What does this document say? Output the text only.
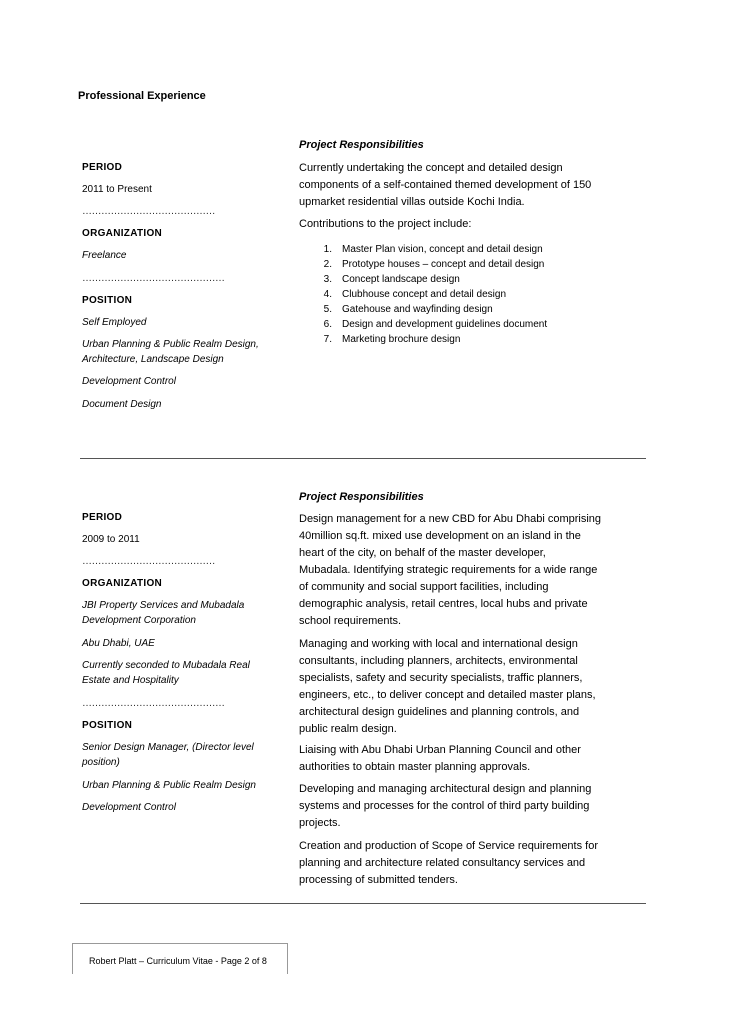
Professional Experience
PERIOD
2011 to Present
……………………………………
ORGANIZATION
Freelance
………………………………………
POSITION
Self Employed
Urban Planning & Public Realm Design,
Architecture, Landscape Design
Development Control
Document Design
Project Responsibilities
Currently undertaking the concept and detailed design
components of a self-contained themed development of 150
upmarket residential villas outside Kochi India.
Contributions to the project include:
1. Master Plan vision, concept and detail design
2. Prototype houses – concept and detail design
3. Concept landscape design
4. Clubhouse concept and detail design
5. Gatehouse and wayfinding design
6. Design and development guidelines document
7. Marketing brochure design
PERIOD
2009 to 2011
……………………………………
ORGANIZATION
JBI Property Services and Mubadala
Development Corporation
Abu Dhabi, UAE
Currently seconded to Mubadala Real
Estate and Hospitality
………………………………………
POSITION
Senior Design Manager, (Director level
position)
Urban Planning & Public Realm Design
Development Control
Project Responsibilities
Design management for a new CBD for Abu Dhabi comprising
40million sq.ft. mixed use development on an island in the
heart of the city, on behalf of the master developer,
Mubadala. Identifying strategic requirements for a wide range
of community and social support facilities, including
demographic analysis, retail centres, local hubs and private
school requirements.
Managing and working with local and international design
consultants, including planners, architects, environmental
specialists, safety and security specialists, traffic planners,
engineers, etc., to deliver concept and detailed master plans,
architectural design guidelines and planning controls, and
public realm design.
Liaising with Abu Dhabi Urban Planning Council and other
authorities to obtain master planning approvals.
Developing and managing architectural design and planning
systems and processes for the control of third party building
projects.
Creation and production of Scope of Service requirements for
planning and architecture related consultancy services and
processing of submitted tenders.
Robert Platt – Curriculum Vitae - Page 2 of 8
